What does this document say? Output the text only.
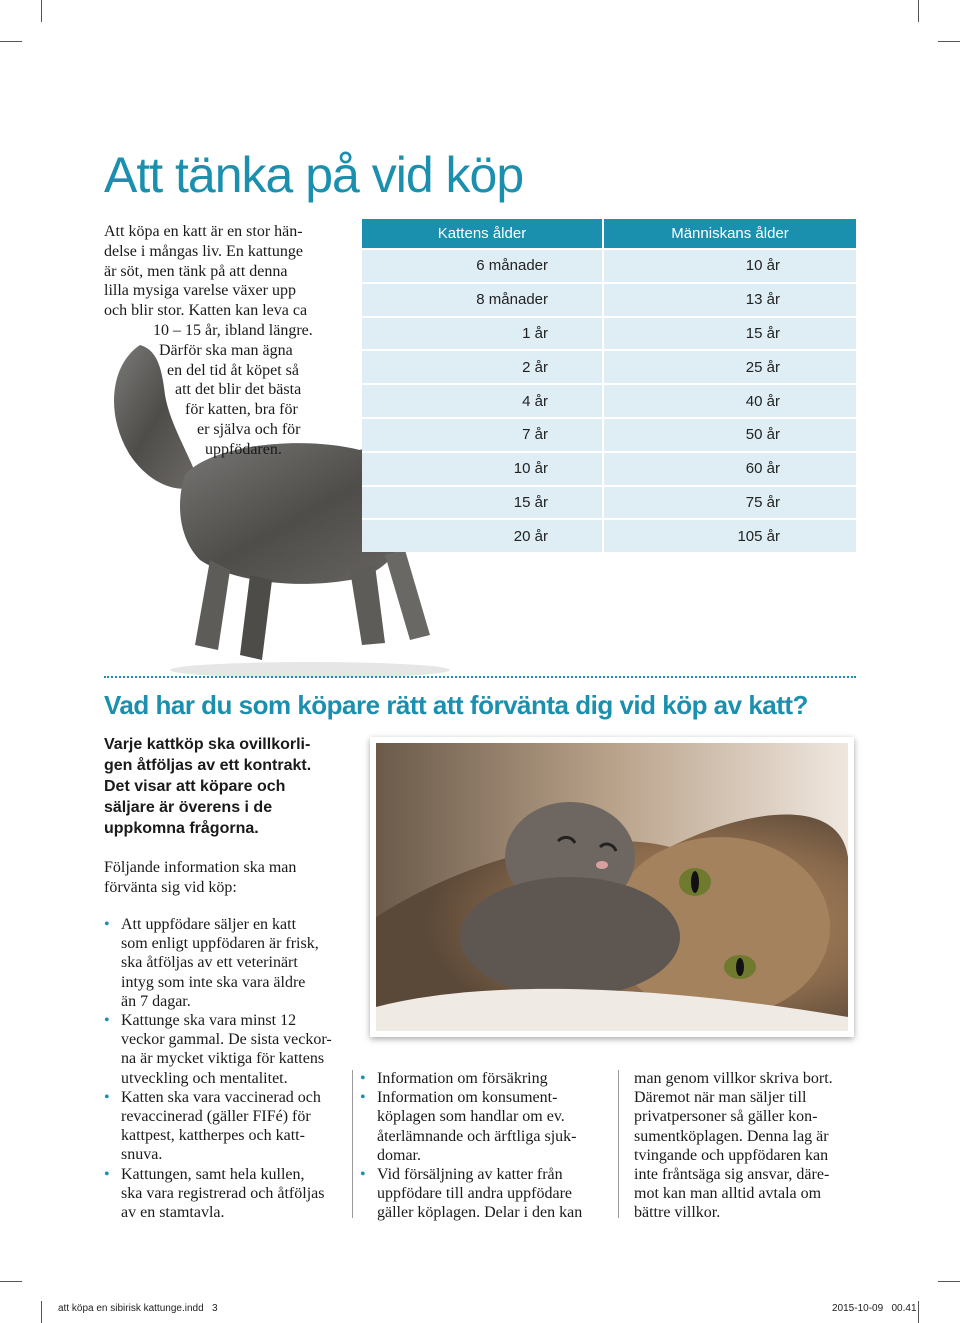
Att tänka på vid köp
Att köpa en katt är en stor hän-
delse i mångas liv. En kattunge
är söt, men tänk på att denna
lilla mysiga varelse växer upp
och blir stor. Katten kan leva ca
10 – 15 år, ibland längre.
Därför ska man ägna
en del tid åt köpet så
att det blir det bästa
för katten, bra för
er själva och för
uppfödaren.
Kattens ålder	Människans ålder
6 månader	10 år
8 månader	13 år
1 år	15 år
2 år	25 år
4 år	40 år
7 år	50 år
10 år	60 år
15 år	75 år
20 år	105 år
Vad har du som köpare rätt att förvänta dig vid köp av katt?
Varje kattköp ska ovillkorli-
gen åtföljas av ett kontrakt.
Det visar att köpare och
säljare är överens i de
uppkomna frågorna.
Följande information ska man
förvänta sig vid köp:
• Att uppfödare säljer en katt
som enligt uppfödaren är frisk,
ska åtföljas av ett veterinärt
intyg som inte ska vara äldre
än 7 dagar.
• Kattunge ska vara minst 12
veckor gammal. De sista veckor-
na är mycket viktiga för kattens
utveckling och mentalitet.
• Katten ska vara vaccinerad och
revaccinerad (gäller FIFé) för
kattpest, kattherpes och katt-
snuva.
• Kattungen, samt hela kullen,
ska vara registrerad och åtföljas
av en stamtavla.
• Information om försäkring
• Information om konsument-
köplagen som handlar om ev.
återlämnande och ärftliga sjuk-
domar.
• Vid försäljning av katter från
uppfödare till andra uppfödare
gäller köplagen. Delar i den kan
man genom villkor skriva bort.
Däremot när man säljer till
privatpersoner så gäller kon-
sumentköplagen. Denna lag är
tvingande och uppfödaren kan
inte fråntsäga sig ansvar, däre-
mot kan man alltid avtala om
bättre villkor.
att köpa en sibirisk kattunge.indd   3	2015-10-09   00.41
